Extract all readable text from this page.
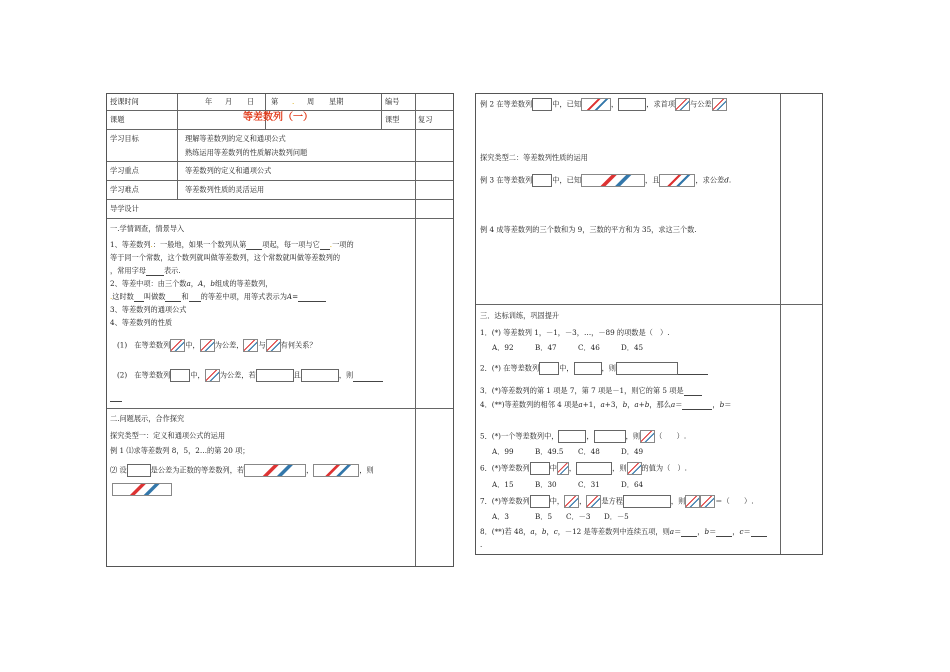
授课时间	年 月 日 第 . 周 星期	编号
课题	等差数列（一）	课型	复习
学习目标	理解等差数列的定义和通项公式
熟练运用等差数列的性质解决数列问题
学习重点	等差数列的定义和通项公式
学习难点	等差数列性质的灵活运用
导学设计
一.学情调查，情景导入
1、等差数列.：一般地，如果一个数列从第 项起，每一项与它 .一项的
等于同一个常数，这个数列就叫做等差数列，这个常数就叫做等差数列的
，常用字母	表示.
2、等差中项：由三个数a，A，b组成的等差数列，
.这时数 叫做数 和 的等差中项，用等式表示为A=
3、等差数列的通项公式
4、等差数列的性质
(1)　在等差数列 中， 为公差， 与 有何关系？
(2)　在等差数列	中， 为公差，若	且	，则
二.问题展示，合作探究
探究类型一：定义和通项公式的运用
例 1 ⑴求等差数列 8，5，2…的第 20 项；
⑵ 设	是公差为正数的等差数列，若	，	，则
例 2 在等差数列	中，已知	，	，求首项 与公差
探究类型二：等差数列性质的运用
例 3 在等差数列	中，已知	，且	，求公差d.
例 4 成等差数列的三个数和为 9，三数的平方和为 35，求这三个数.
三．达标训练，巩固提升
1．(*) 等差数列 1，－1，－3，…，－89 的项数是（　）.
A．92	B．47	C．46	D．45
2．(*) 在等差数列	中，	，则
3．(*)等差数列的第 1 项是 7，第 7 项是－1，则它的第 5 项是
4．(**)等差数列的相邻 4 项是a+1，a+3，b，a+b，那么a＝	，b＝
5．(*)一个等差数列中，	，	，则 （　　）.
A．99	B．49.5 C．48	D．49
6．(*)等差数列	中 ，	，则 的值为（　）.
A．15	B．30	C．31	D．64
7．(*)等差数列	中， ， 是方程	，则	＝（　　）.
A．3	B．5 C．－3 D．－5
8．(**)若 48，a，b，c，－12 是等差数列中连续五项，则a＝ ，b＝ ，c＝
.
